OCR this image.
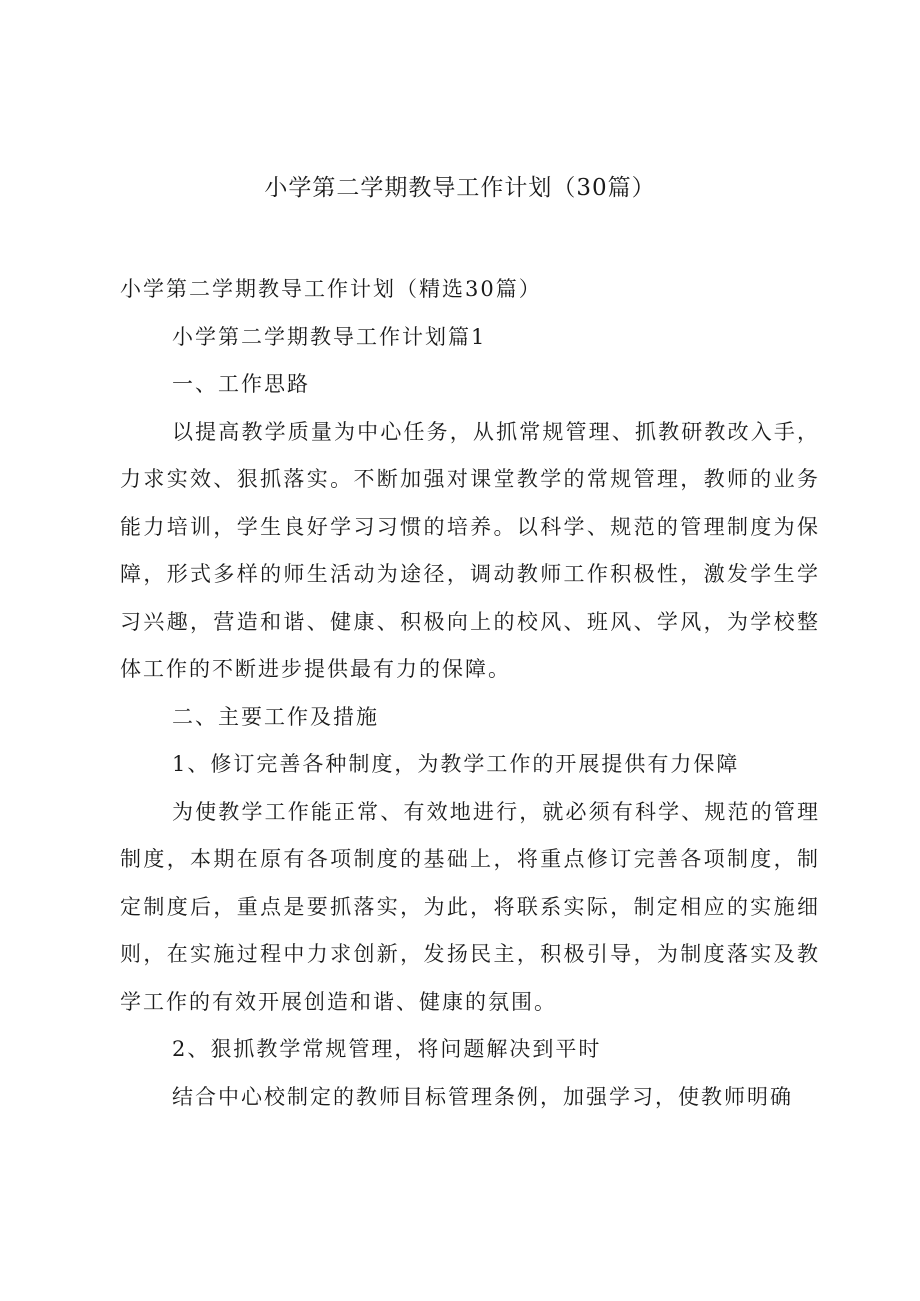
小学第二学期教导工作计划（30篇）

小学第二学期教导工作计划（精选30篇）

小学第二学期教导工作计划篇1

一、工作思路

以提高教学质量为中心任务，从抓常规管理、抓教研教改入手，力求实效、狠抓落实。不断加强对课堂教学的常规管理，教师的业务能力培训，学生良好学习习惯的培养。以科学、规范的管理制度为保障，形式多样的师生活动为途径，调动教师工作积极性，激发学生学习兴趣，营造和谐、健康、积极向上的校风、班风、学风，为学校整体工作的不断进步提供最有力的保障。

二、主要工作及措施

1、修订完善各种制度，为教学工作的开展提供有力保障

为使教学工作能正常、有效地进行，就必须有科学、规范的管理制度，本期在原有各项制度的基础上，将重点修订完善各项制度，制定制度后，重点是要抓落实，为此，将联系实际，制定相应的实施细则，在实施过程中力求创新，发扬民主，积极引导，为制度落实及教学工作的有效开展创造和谐、健康的氛围。

2、狠抓教学常规管理，将问题解决到平时

结合中心校制定的教师目标管理条例，加强学习，使教师明确
